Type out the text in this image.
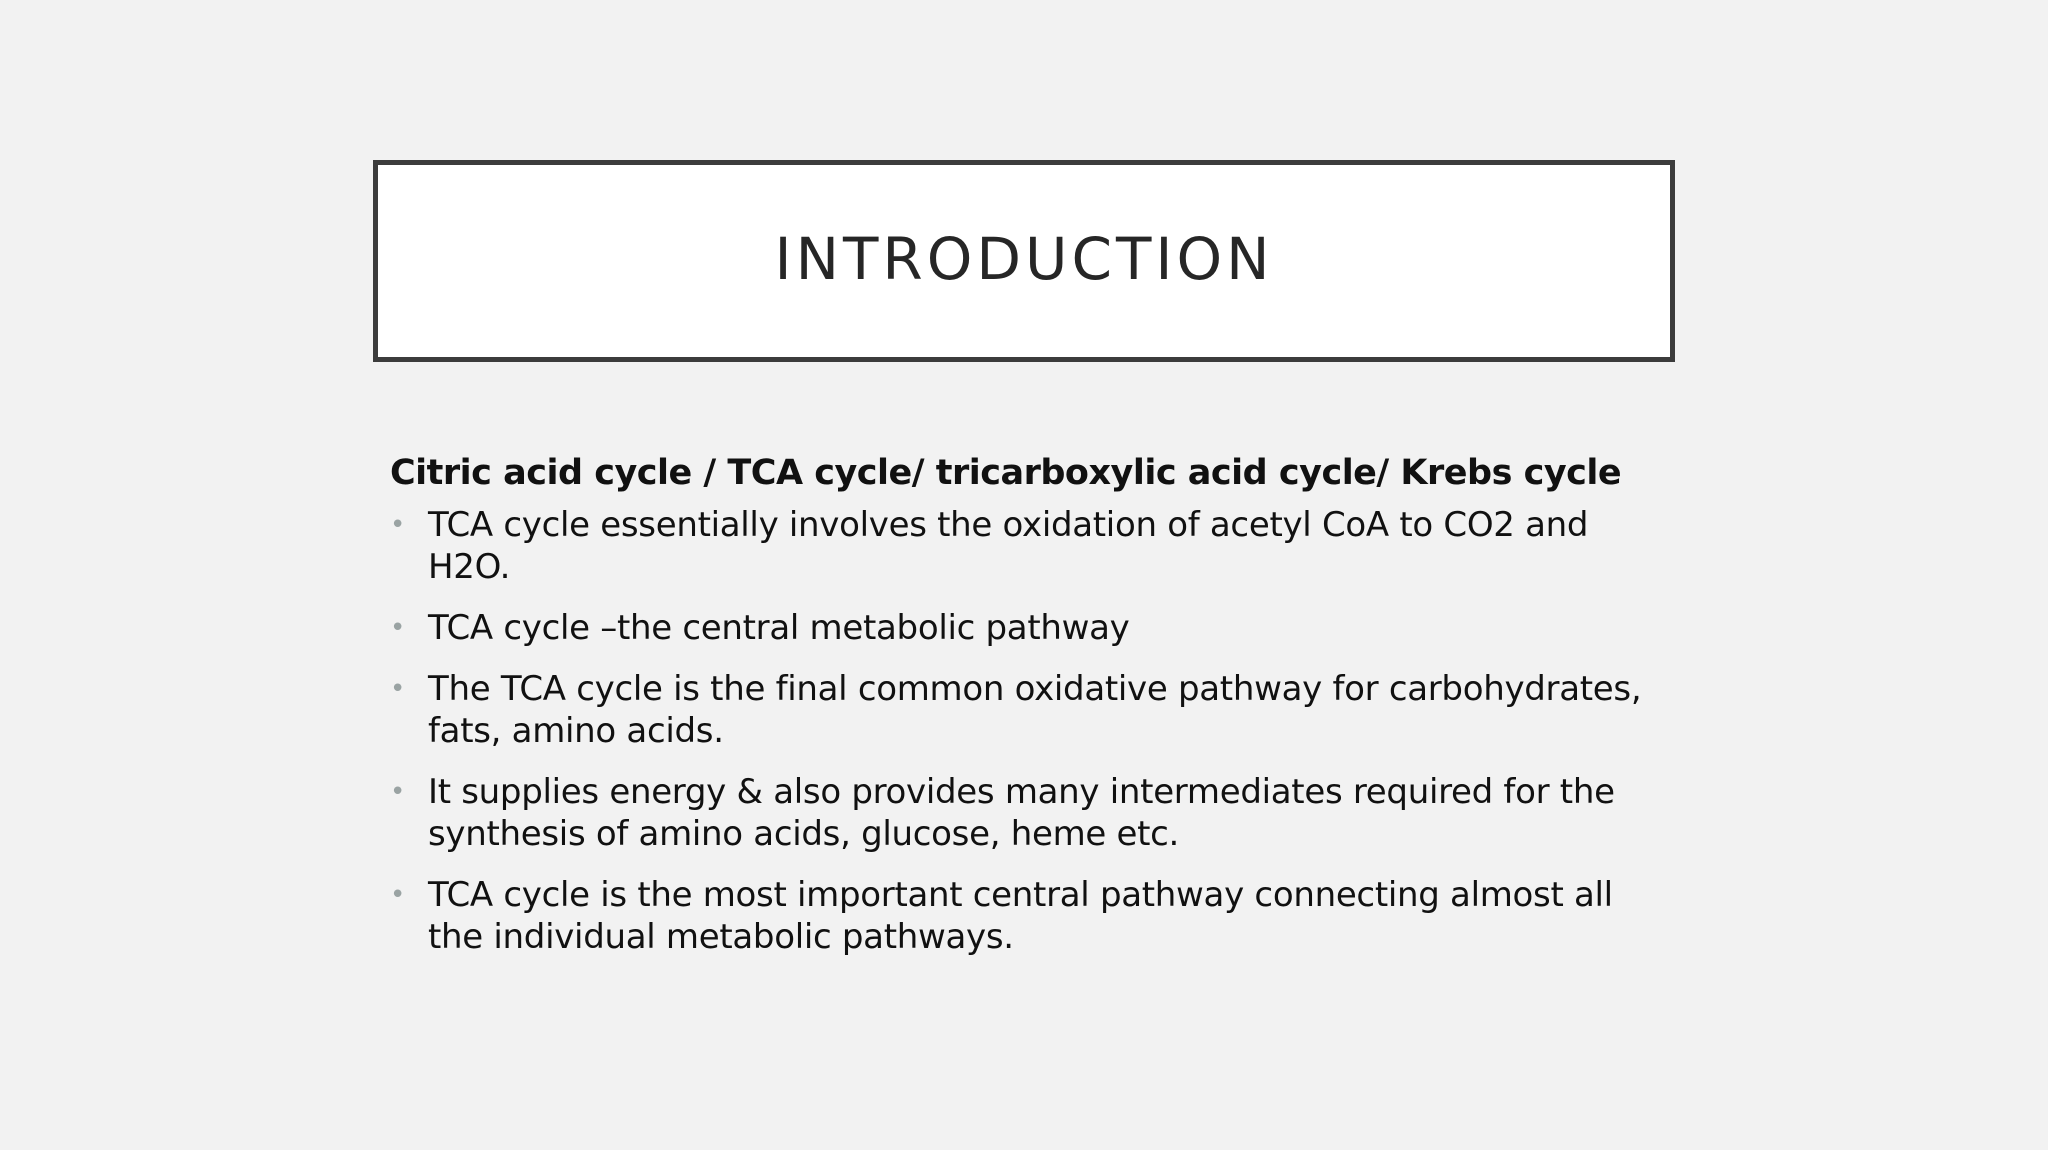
INTRODUCTION
Citric acid cycle / TCA cycle/ tricarboxylic acid cycle/ Krebs cycle
• TCA cycle essentially involves the oxidation of acetyl CoA to CO2 and H2O.
• TCA cycle –the central metabolic pathway
• The TCA cycle is the final common oxidative pathway for carbohydrates, fats, amino acids.
• It supplies energy & also provides many intermediates required for the synthesis of amino acids, glucose, heme etc.
• TCA cycle is the most important central pathway connecting almost all the individual metabolic pathways.
